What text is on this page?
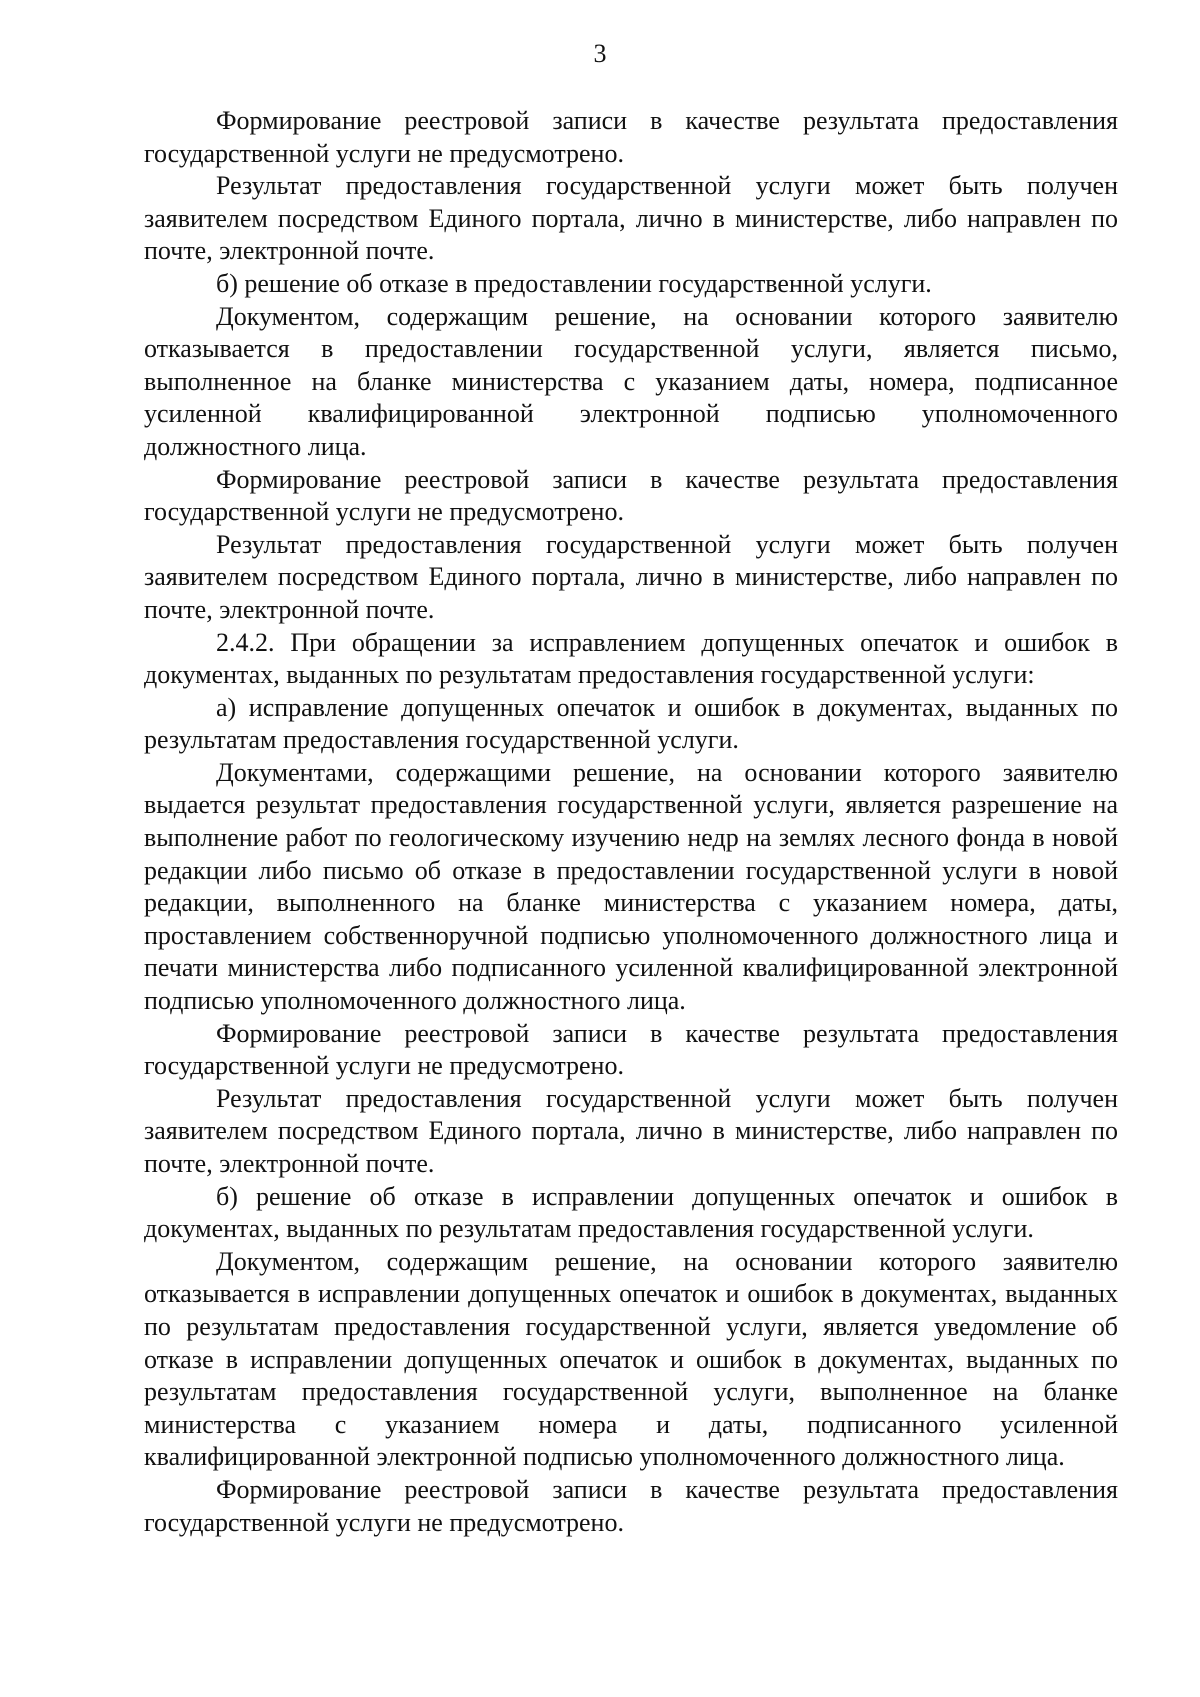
3

Формирование реестровой записи в качестве результата предоставления государственной услуги не предусмотрено.

Результат предоставления государственной услуги может быть получен заявителем посредством Единого портала, лично в министерстве, либо направлен по почте, электронной почте.

б) решение об отказе в предоставлении государственной услуги.

Документом, содержащим решение, на основании которого заявителю отказывается в предоставлении государственной услуги, является письмо, выполненное на бланке министерства с указанием даты, номера, подписанное усиленной квалифицированной электронной подписью уполномоченного должностного лица.

Формирование реестровой записи в качестве результата предоставления государственной услуги не предусмотрено.

Результат предоставления государственной услуги может быть получен заявителем посредством Единого портала, лично в министерстве, либо направлен по почте, электронной почте.

2.4.2. При обращении за исправлением допущенных опечаток и ошибок в документах, выданных по результатам предоставления государственной услуги:

а) исправление допущенных опечаток и ошибок в документах, выданных по результатам предоставления государственной услуги.

Документами, содержащими решение, на основании которого заявителю выдается результат предоставления государственной услуги, является разрешение на выполнение работ по геологическому изучению недр на землях лесного фонда в новой редакции либо письмо об отказе в предоставлении государственной услуги в новой редакции, выполненного на бланке министерства с указанием номера, даты, проставлением собственноручной подписью уполномоченного должностного лица и печати министерства либо подписанного усиленной квалифицированной электронной подписью уполномоченного должностного лица.

Формирование реестровой записи в качестве результата предоставления государственной услуги не предусмотрено.

Результат предоставления государственной услуги может быть получен заявителем посредством Единого портала, лично в министерстве, либо направлен по почте, электронной почте.

б) решение об отказе в исправлении допущенных опечаток и ошибок в документах, выданных по результатам предоставления государственной услуги.

Документом, содержащим решение, на основании которого заявителю отказывается в исправлении допущенных опечаток и ошибок в документах, выданных по результатам предоставления государственной услуги, является уведомление об отказе в исправлении допущенных опечаток и ошибок в документах, выданных по результатам предоставления государственной услуги, выполненное на бланке министерства с указанием номера и даты, подписанного усиленной квалифицированной электронной подписью уполномоченного должностного лица.

Формирование реестровой записи в качестве результата предоставления государственной услуги не предусмотрено.
